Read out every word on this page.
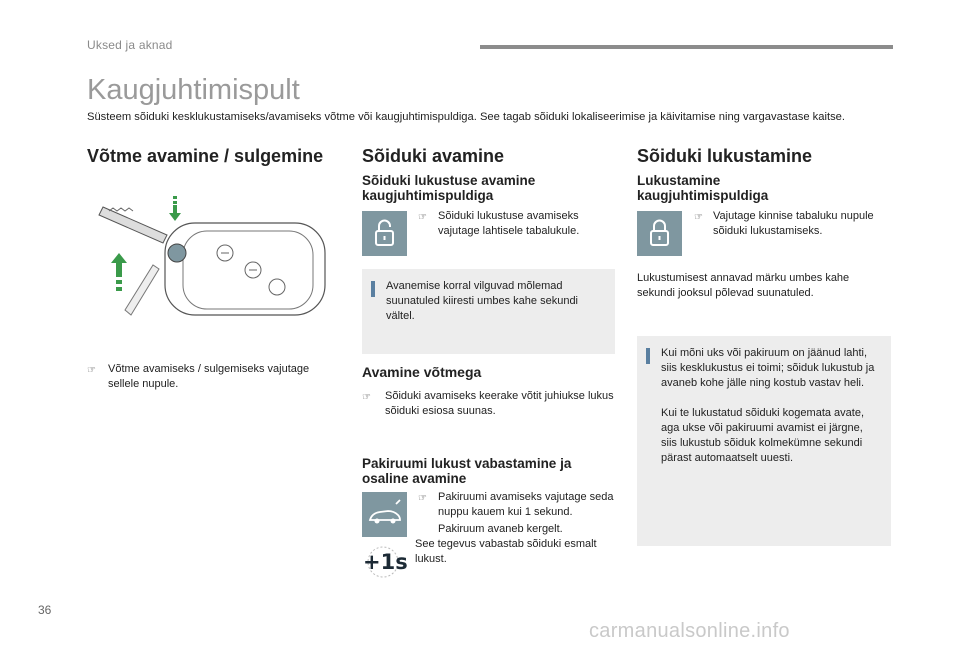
Uksed ja aknad
Kaugjuhtimispult
Süsteem sõiduki kesklukustamiseks/avamiseks võtme või kaugjuhtimispuldiga. See tagab sõiduki lokaliseerimise ja käivitamise ning vargavastase kaitse.
Võtme avamine / sulgemine
☞ Võtme avamiseks / sulgemiseks vajutage sellele nupule.
Sõiduki avamine
Sõiduki lukustuse avamine kaugjuhtimispuldiga
☞ Sõiduki lukustuse avamiseks vajutage lahtisele tabalukule.
Avanemise korral vilguvad mõlemad suunatuled kiiresti umbes kahe sekundi vältel.
Avamine võtmega
☞ Sõiduki avamiseks keerake võtit juhiukse lukus sõiduki esiosa suunas.
Pakiruumi lukust vabastamine ja osaline avamine
☞ Pakiruumi avamiseks vajutage seda nuppu kauem kui 1 sekund.
Pakiruum avaneb kergelt.
See tegevus vabastab sõiduki esmalt lukust.
+1s
Sõiduki lukustamine
Lukustamine kaugjuhtimispuldiga
☞ Vajutage kinnise tabaluku nupule sõiduki lukustamiseks.
Lukustumisest annavad märku umbes kahe sekundi jooksul põlevad suunatuled.
Kui mõni uks või pakiruum on jäänud lahti, siis kesklukustus ei toimi; sõiduk lukustub ja avaneb kohe jälle ning kostub vastav heli.
Kui te lukustatud sõiduki kogemata avate, aga ukse või pakiruumi avamist ei järgne, siis lukustub sõiduk kolmekümne sekundi pärast automaatselt uuesti.
36
carmanualsonline.info
